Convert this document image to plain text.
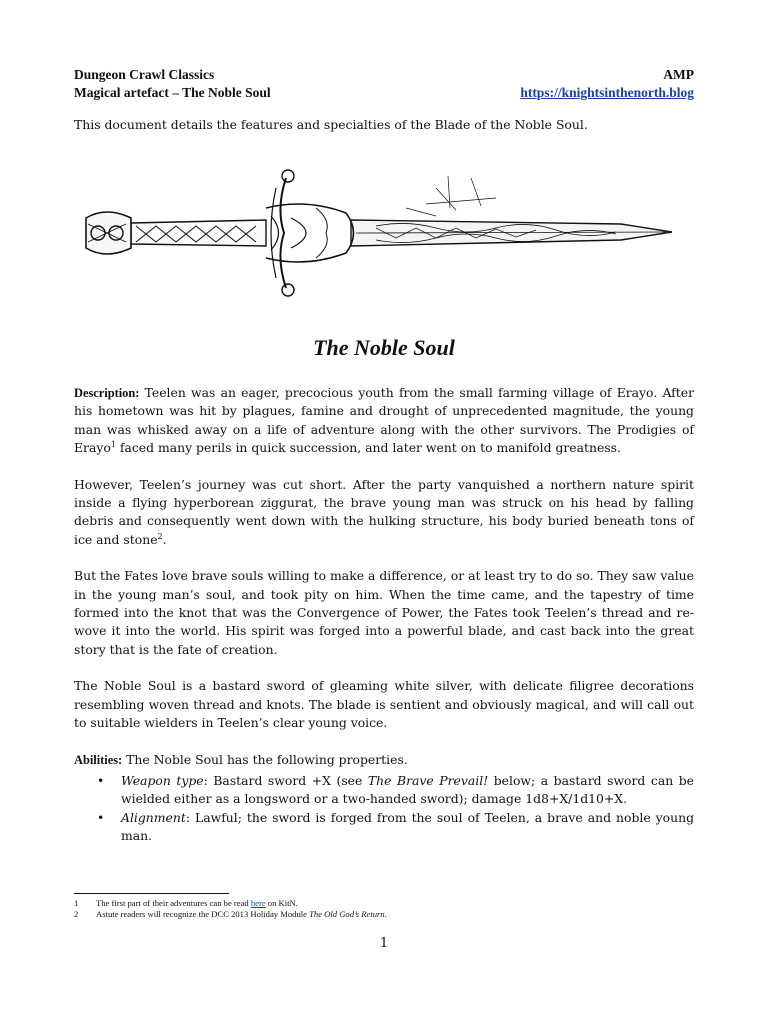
Dungeon Crawl Classics	AMP
Magical artefact – The Noble Soul	https://knightsinthenorth.blog
This document details the features and specialties of the Blade of the Noble Soul.
The Noble Soul

Description: Teelen was an eager, precocious youth from the small farming village of Erayo. After his hometown was hit by plagues, famine and drought of unprecedented magnitude, the young man was whisked away on a life of adventure along with the other survivors. The Prodigies of Erayo$^1$ faced many perils in quick succession, and later went on to manifold greatness.

However, Teelen’s journey was cut short. After the party vanquished a northern nature spirit inside a flying hyperborean ziggurat, the brave young man was struck on his head by falling debris and consequently went down with the hulking structure, his body buried beneath tons of ice and stone$^2$.

But the Fates love brave souls willing to make a difference, or at least try to do so. They saw value in the young man’s soul, and took pity on him. When the time came, and the tapestry of time formed into the knot that was the Convergence of Power, the Fates took Teelen’s thread and re-wove it into the world. His spirit was forged into a powerful blade, and cast back into the great story that is the fate of creation.

The Noble Soul is a bastard sword of gleaming white silver, with delicate filigree decorations resembling woven thread and knots. The blade is sentient and obviously magical, and will call out to suitable wielders in Teelen’s clear young voice.

Abilities: The Noble Soul has the following properties.

• Weapon type: Bastard sword +X (see The Brave Prevail! below; a bastard sword can be wielded either as a longsword or a two-handed sword); damage 1d8+X/1d10+X.
• Alignment: Lawful; the sword is forged from the soul of Teelen, a brave and noble young man.
1 The first part of their adventures can be read here on KitN.
2 Astute readers will recognize the DCC 2013 Holiday Module The Old God’s Return.
1
